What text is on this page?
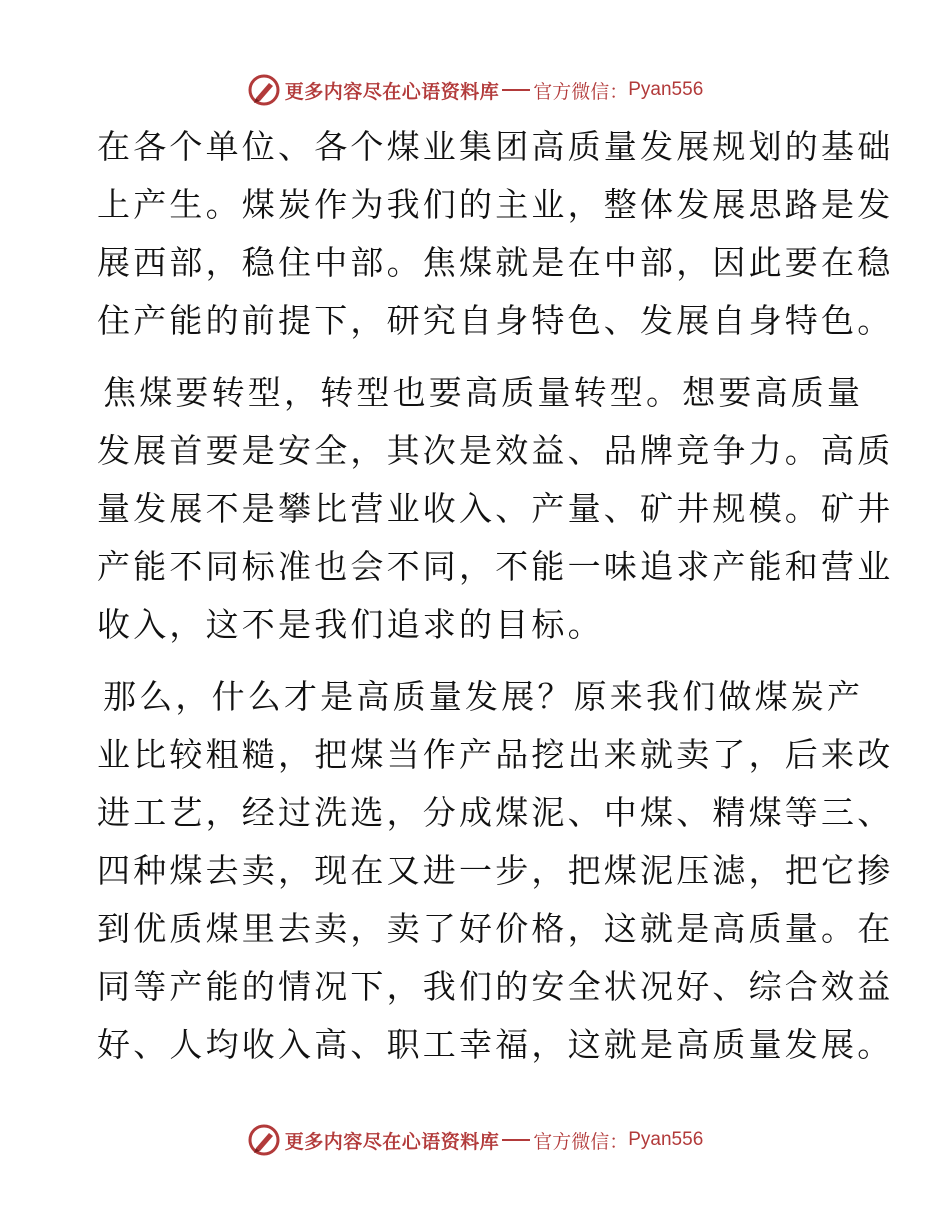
更多内容尽在心语资料库 官方微信： Pyan556
在各个单位、各个煤业集团高质量发展规划的基础
上产生。煤炭作为我们的主业，整体发展思路是发
展西部，稳住中部。焦煤就是在中部，因此要在稳
住产能的前提下，研究自身特色、发展自身特色。
焦煤要转型，转型也要高质量转型。想要高质量
发展首要是安全，其次是效益、品牌竞争力。高质
量发展不是攀比营业收入、产量、矿井规模。矿井
产能不同标准也会不同，不能一味追求产能和营业
收入，这不是我们追求的目标。
那么，什么才是高质量发展？原来我们做煤炭产
业比较粗糙，把煤当作产品挖出来就卖了，后来改
进工艺，经过洗选，分成煤泥、中煤、精煤等三、
四种煤去卖，现在又进一步，把煤泥压滤，把它掺
到优质煤里去卖，卖了好价格，这就是高质量。在
同等产能的情况下，我们的安全状况好、综合效益
好、人均收入高、职工幸福，这就是高质量发展。
更多内容尽在心语资料库 官方微信： Pyan556
